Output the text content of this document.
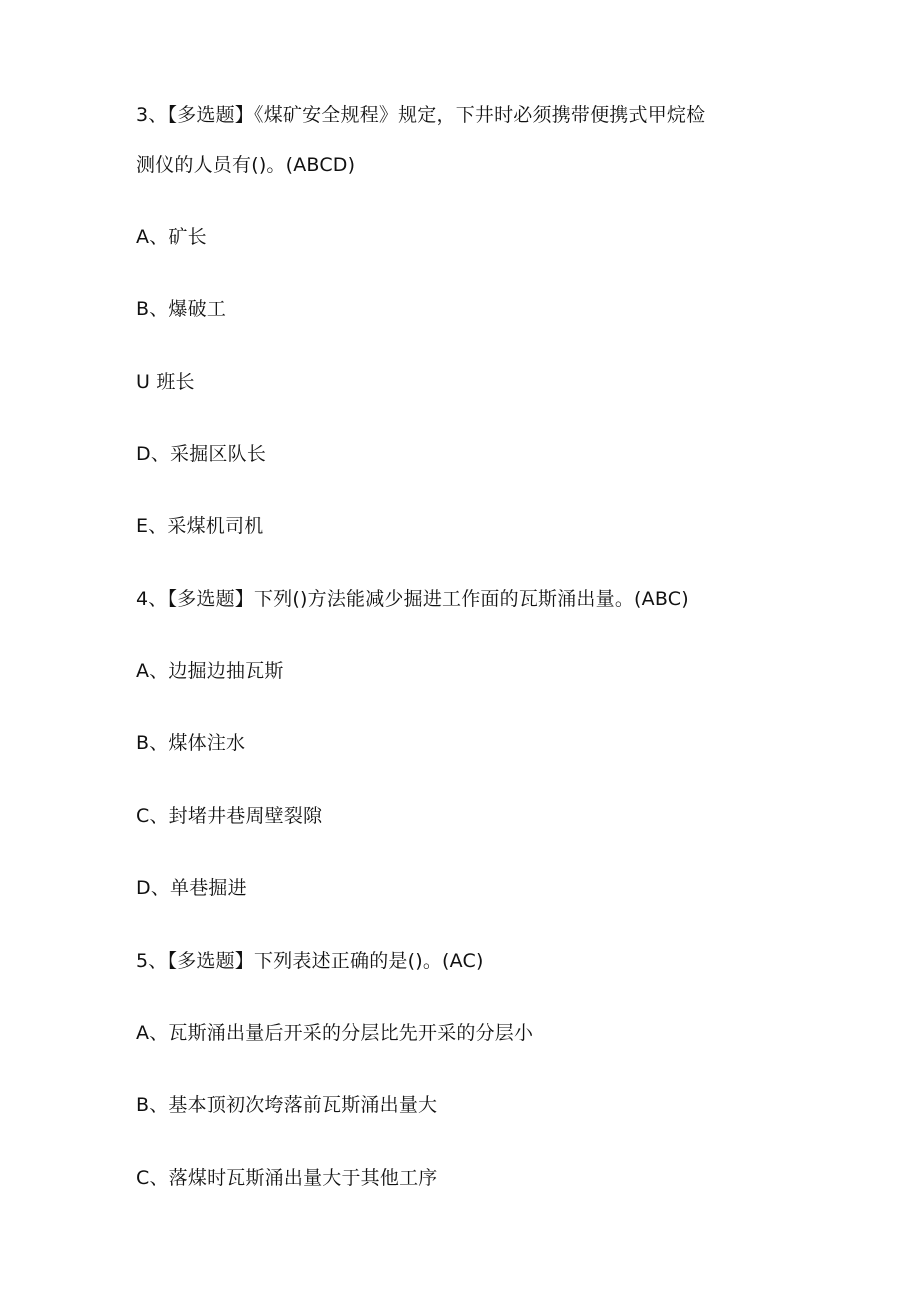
3、【多选题】《煤矿安全规程》规定，下井时必须携带便携式甲烷检
测仪的人员有()。(ABCD)
A、矿长
B、爆破工
U 班长
D、采掘区队长
E、采煤机司机
4、【多选题】下列()方法能减少掘进工作面的瓦斯涌出量。(ABC)
A、边掘边抽瓦斯
B、煤体注水
C、封堵井巷周壁裂隙
D、单巷掘进
5、【多选题】下列表述正确的是()。(AC)
A、瓦斯涌出量后开采的分层比先开采的分层小
B、基本顶初次垮落前瓦斯涌出量大
C、落煤时瓦斯涌出量大于其他工序
